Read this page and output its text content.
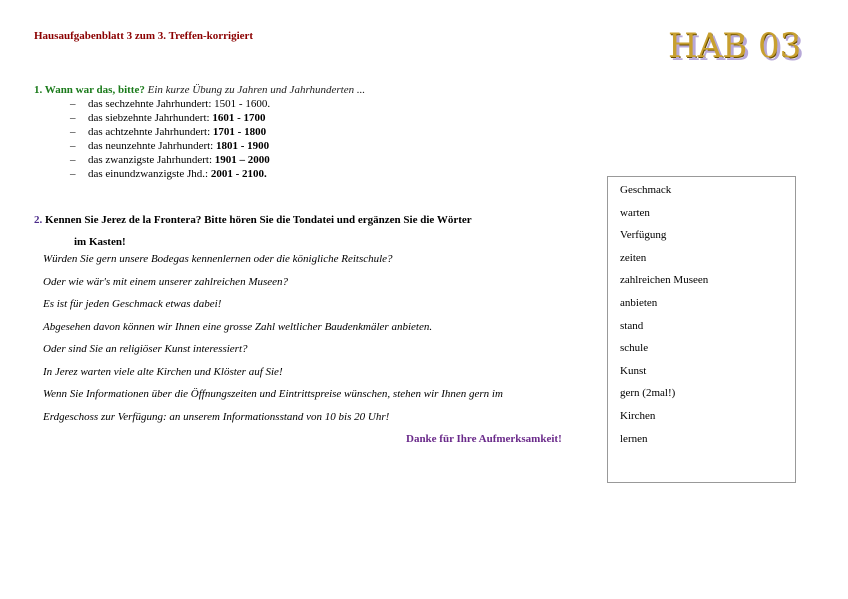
Hausaufgabenblatt 3 zum 3. Treffen-korrigiert	HAB 03
1. Wann war das, bitte? Ein kurze Übung zu Jahren und Jahrhunderten ...
– das sechzehnte Jahrhundert: 1501 - 1600.
– das siebzehnte Jahrhundert: 1601 - 1700
– das achtzehnte Jahrhundert: 1701 - 1800
– das neunzehnte Jahrhundert: 1801 - 1900
– das zwanzigste Jahrhundert: 1901 – 2000
– das einundzwanzigste Jhd.: 2001 - 2100.
2. Kennen Sie Jerez de la Frontera? Bitte hören Sie die Tondatei und ergänzen Sie die Wörter
im Kasten!
Würden Sie gern unsere Bodegas kennenlernen oder die königliche Reitschule?
Oder wie wär's mit einem unserer zahlreichen Museen?
Es ist für jeden Geschmack etwas dabei!
Abgesehen davon können wir Ihnen eine grosse Zahl weltlicher Baudenkmäler anbieten.
Oder sind Sie an religiöser Kunst interessiert?
In Jerez warten viele alte Kirchen und Klöster auf Sie!
Wenn Sie Informationen über die Öffnungszeiten und Eintrittspreise wünschen, stehen wir Ihnen gern im
Erdgeschoss zur Verfügung: an unserem Informationsstand von 10 bis 20 Uhr!
Danke für Ihre Aufmerksamkeit!
Geschmack
warten
Verfügung
zeiten
zahlreichen Museen
anbieten
stand
schule
Kunst
gern (2mal!)
Kirchen
lernen
